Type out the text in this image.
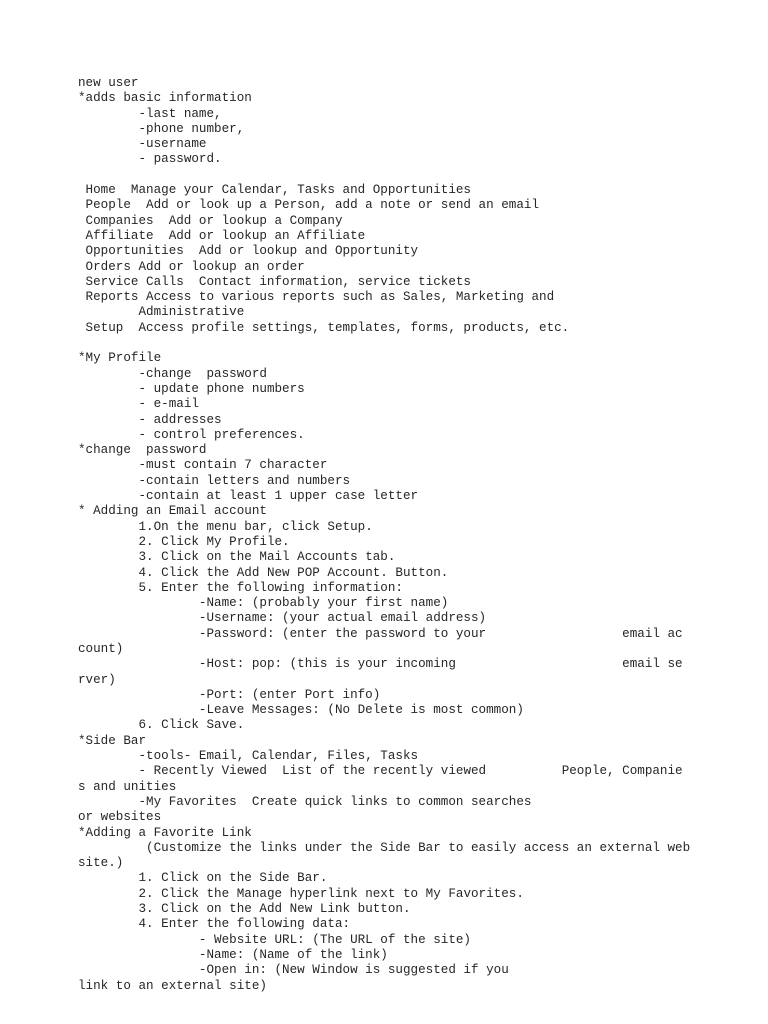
new user
*adds basic information
	-last name,
	-phone number,
	-username
	- password.
Home  Manage your Calendar, Tasks and Opportunities
People  Add or look up a Person, add a note or send an email
Companies  Add or lookup a Company
Affiliate  Add or lookup an Affiliate
Opportunities  Add or lookup and Opportunity
Orders Add or lookup an order
Service Calls  Contact information, service tickets
Reports Access to various reports such as Sales, Marketing and
	Administrative
Setup  Access profile settings, templates, forms, products, etc.
*My Profile
	-change  password
	- update phone numbers
	- e-mail
	- addresses
	- control preferences.
*change  password
	-must contain 7 character
	-contain letters and numbers
	-contain at least 1 upper case letter
* Adding an Email account
	1.On the menu bar, click Setup.
	2. Click My Profile.
	3. Click on the Mail Accounts tab.
	4. Click the Add New POP Account. Button.
	5. Enter the following information:
		-Name: (probably your first name)
		-Username: (your actual email address)
		-Password: (enter the password to your			email ac
count)
		-Host: pop: (this is your incoming			email se
rver)
		-Port: (enter Port info)
		-Leave Messages: (No Delete is most common)
	6. Click Save.
*Side Bar
	-tools- Email, Calendar, Files, Tasks
	- Recently Viewed  List of the recently viewed		People, Companie
s and unities
	-My Favorites  Create quick links to common searches
or websites
*Adding a Favorite Link
	(Customize the links under the Side Bar to easily access an external web
site.)
	1. Click on the Side Bar.
	2. Click the Manage hyperlink next to My Favorites.
	3. Click on the Add New Link button.
	4. Enter the following data:
		- Website URL: (The URL of the site)
		-Name: (Name of the link)
		-Open in: (New Window is suggested if you
link to an external site)
